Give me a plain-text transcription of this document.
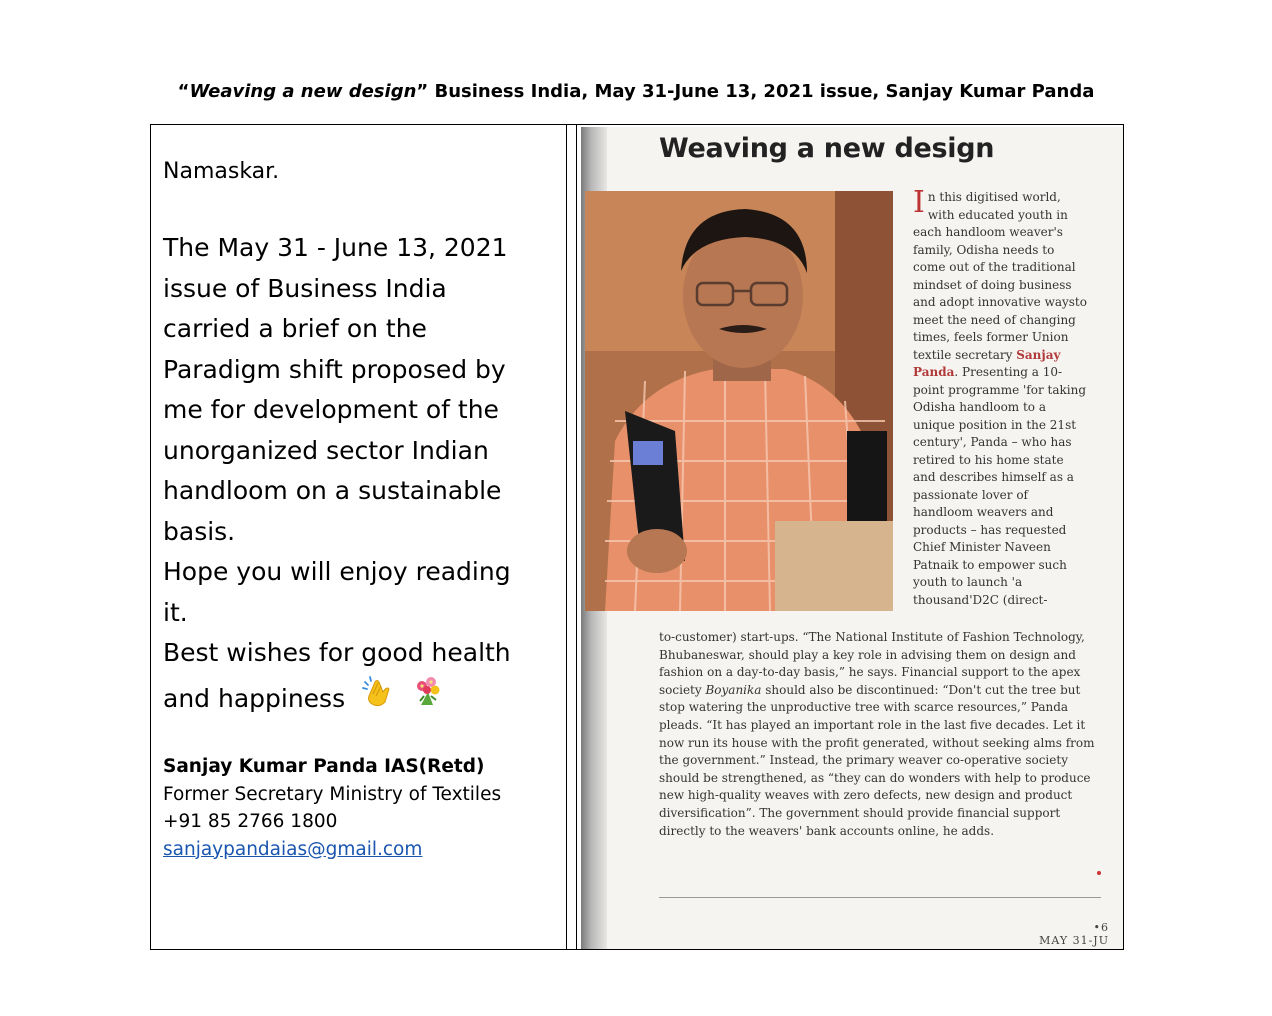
“Weaving a new design” Business India, May 31-June 13, 2021 issue, Sanjay Kumar Panda
Namaskar.

The May 31 - June 13, 2021

issue of Business India

carried a brief on the

Paradigm shift proposed by

me for development of the

unorganized sector Indian

handloom on a sustainable

basis.

Hope you will enjoy reading

it.

Best wishes for good health

and happiness

Sanjay Kumar Panda IAS(Retd)
Former Secretary Ministry of Textiles
+91 85 2766 1800
sanjaypandaias@gmail.com
Weaving a new design
In this digitised world, with educated youth in each handloom weaver's family, Odisha needs to come out of the traditional mindset of doing business and adopt innovative waysto meet the need of changing times, feels former Union textile secretary Sanjay Panda. Presenting a 10-point programme 'for taking Odisha handloom to a unique position in the 21st century', Panda – who has retired to his home state and describes himself as a passionate lover of handloom weavers and products – has requested Chief Minister Naveen Patnaik to empower such youth to launch 'a thousand'D2C (direct-
to-customer) start-ups. “The National Institute of Fashion Technology, Bhubaneswar, should play a key role in advising them on design and fashion on a day-to-day basis,” he says. Financial support to the apex society Boyanika should also be discontinued: “Don't cut the tree but stop watering the unproductive tree with scarce resources,” Panda pleads. “It has played an important role in the last five decades. Let it now run its house with the profit generated, without seeking alms from the government.” Instead, the primary weaver co-operative society should be strengthened, as “they can do wonders with help to produce new high-quality weaves with zero defects, new design and product diversification”. The government should provide financial support directly to the weavers' bank accounts online, he adds.
•6
MAY 31-JU
